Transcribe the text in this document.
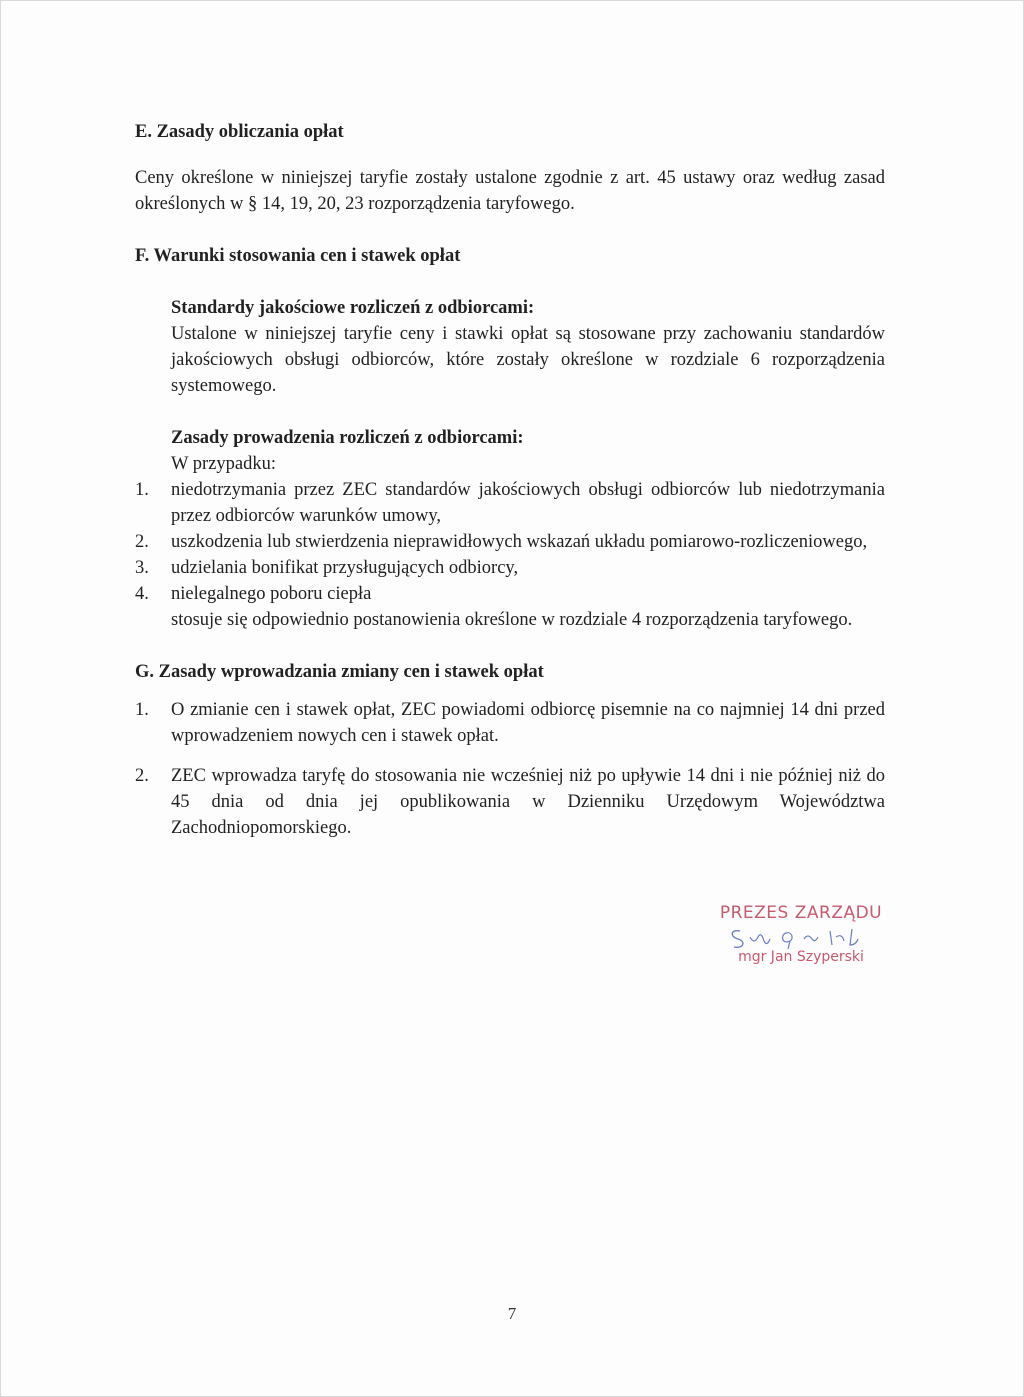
E. Zasady obliczania opłat

Ceny określone w niniejszej taryfie zostały ustalone zgodnie z art. 45 ustawy oraz według zasad określonych w § 14, 19, 20, 23 rozporządzenia taryfowego.

F. Warunki stosowania cen i stawek opłat

Standardy jakościowe rozliczeń z odbiorcami:

Ustalone w niniejszej taryfie ceny i stawki opłat są stosowane przy zachowaniu standardów jakościowych obsługi odbiorców, które zostały określone w rozdziale 6 rozporządzenia systemowego.

Zasady prowadzenia rozliczeń z odbiorcami:

W przypadku:

1. niedotrzymania przez ZEC standardów jakościowych obsługi odbiorców lub niedotrzymania przez odbiorców warunków umowy,
2. uszkodzenia lub stwierdzenia nieprawidłowych wskazań układu pomiarowo-rozliczeniowego,
3. udzielania bonifikat przysługujących odbiorcy,
4. nielegalnego poboru ciepła

stosuje się odpowiednio postanowienia określone w rozdziale 4 rozporządzenia taryfowego.

G. Zasady wprowadzania zmiany cen i stawek opłat

1. O zmianie cen i stawek opłat, ZEC powiadomi odbiorcę pisemnie na co najmniej 14 dni przed wprowadzeniem nowych cen i stawek opłat.
2. ZEC wprowadza taryfę do stosowania nie wcześniej niż po upływie 14 dni i nie później niż do 45 dnia od dnia jej opublikowania w Dzienniku Urzędowym Województwa Zachodniopomorskiego.
PREZES ZARZĄDU
mgr Jan Szyperski
7
